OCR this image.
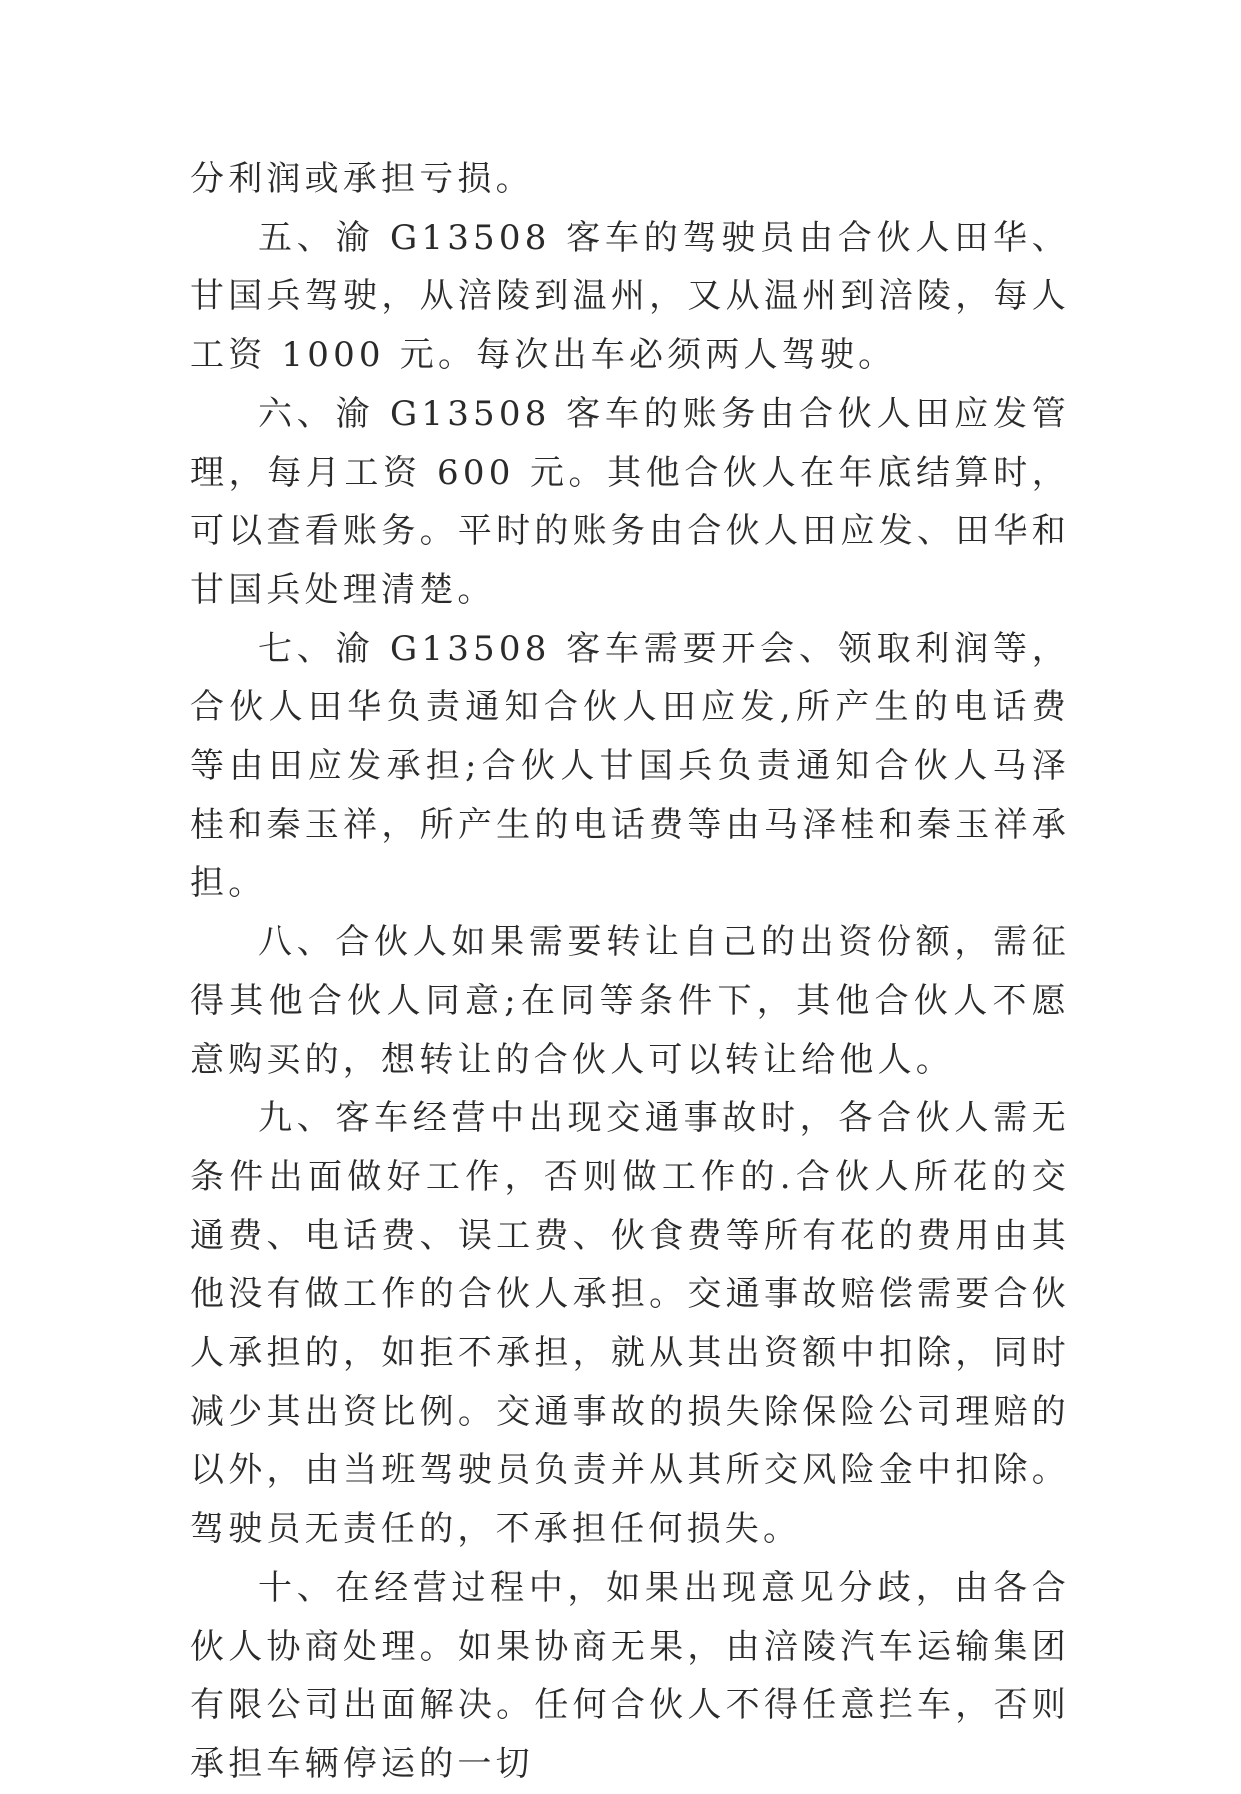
分利润或承担亏损。

五、渝 G13508 客车的驾驶员由合伙人田华、甘国兵驾驶，从涪陵到温州，又从温州到涪陵，每人工资 1000 元。每次出车必须两人驾驶。

六、渝 G13508 客车的账务由合伙人田应发管理，每月工资 600 元。其他合伙人在年底结算时，可以查看账务。平时的账务由合伙人田应发、田华和甘国兵处理清楚。

七、渝 G13508 客车需要开会、领取利润等，合伙人田华负责通知合伙人田应发,所产生的电话费等由田应发承担;合伙人甘国兵负责通知合伙人马泽桂和秦玉祥，所产生的电话费等由马泽桂和秦玉祥承担。

八、合伙人如果需要转让自己的出资份额，需征得其他合伙人同意;在同等条件下，其他合伙人不愿意购买的，想转让的合伙人可以转让给他人。

九、客车经营中出现交通事故时，各合伙人需无条件出面做好工作，否则做工作的.合伙人所花的交通费、电话费、误工费、伙食费等所有花的费用由其他没有做工作的合伙人承担。交通事故赔偿需要合伙人承担的，如拒不承担，就从其出资额中扣除，同时减少其出资比例。交通事故的损失除保险公司理赔的以外，由当班驾驶员负责并从其所交风险金中扣除。驾驶员无责任的，不承担任何损失。

十、在经营过程中，如果出现意见分歧，由各合伙人协商处理。如果协商无果，由涪陵汽车运输集团有限公司出面解决。任何合伙人不得任意拦车，否则承担车辆停运的一切
